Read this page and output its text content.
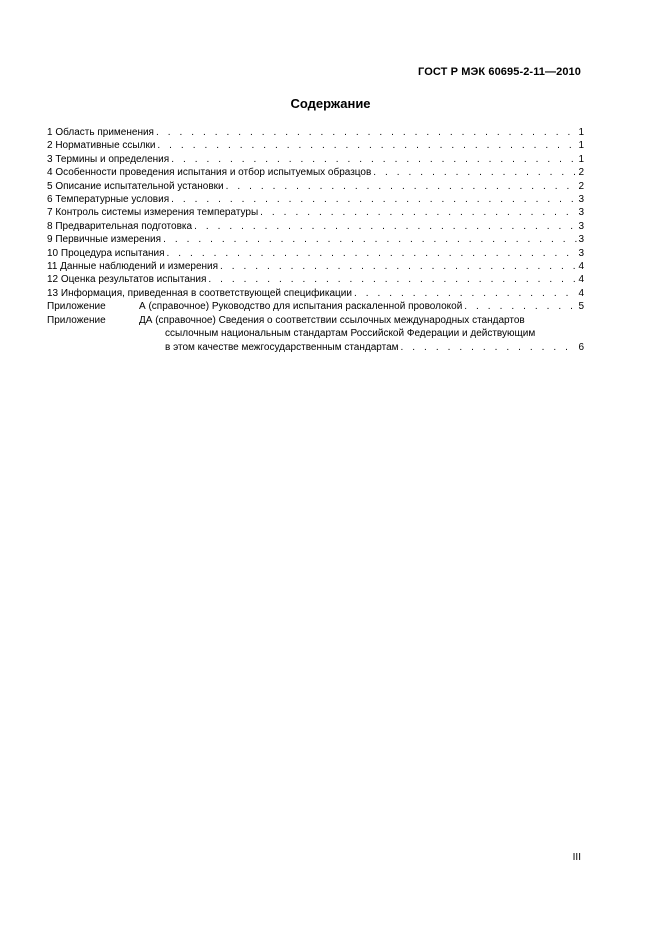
ГОСТ Р МЭК 60695-2-11—2010
Содержание
1 Область применения . . .	1
2 Нормативные ссылки . . .	1
3 Термины и определения . . .	1
4 Особенности проведения испытания и отбор испытуемых образцов . . .	2
5 Описание испытательной установки . . .	2
6 Температурные условия . . .	3
7 Контроль системы измерения температуры . . .	3
8 Предварительная подготовка . . .	3
9 Первичные измерения . . .	3
10 Процедура испытания . . .	3
11 Данные наблюдений и измерения . . .	4
12 Оценка результатов испытания . . .	4
13 Информация, приведенная в соответствующей спецификации . . .	4
Приложение	А (справочное) Руководство для испытания раскаленной проволокой . . .	5
Приложение	ДА (справочное) Сведения о соответствии ссылочных международных стандартов
ссылочным национальным стандартам Российской Федерации и действующим
в этом качестве межгосударственным стандартам . . .	6
III
